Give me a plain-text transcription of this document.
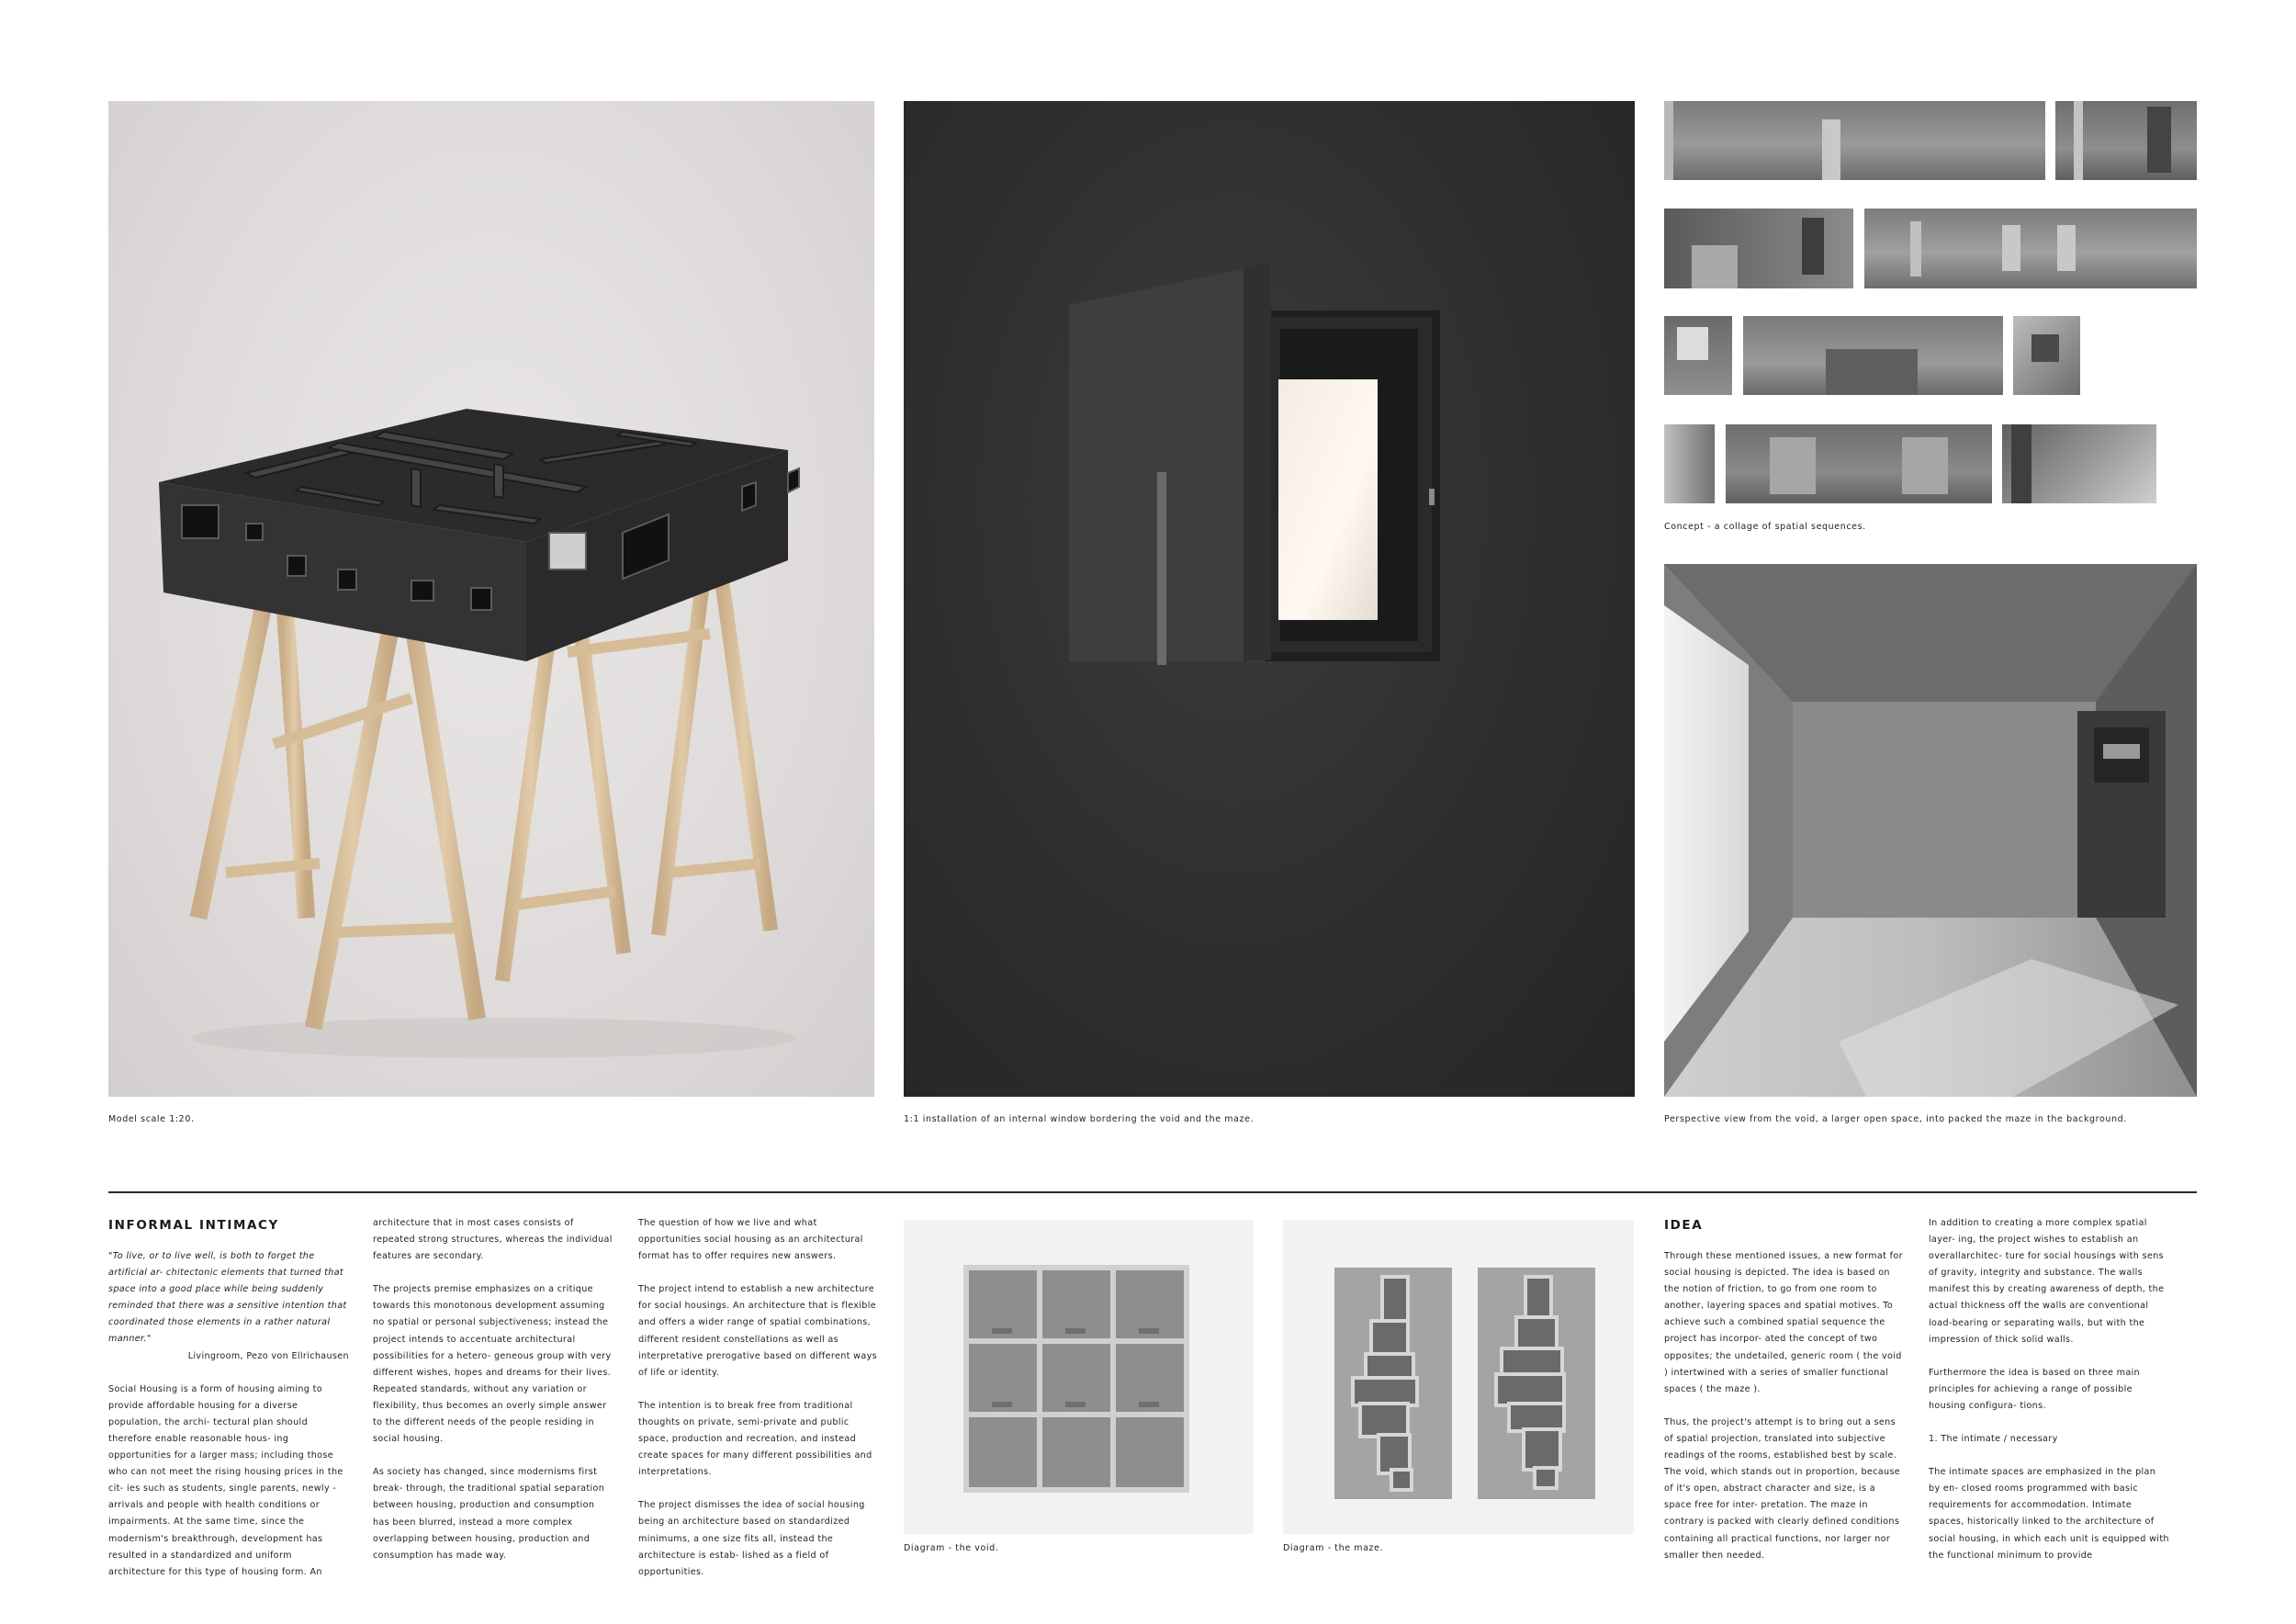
Model scale 1:20.	1:1 installation of an internal window bordering the void and the maze.
Concept - a collage of spatial sequences.
Perspective view from the void, a larger open space, into packed the maze in the background.
INFORMAL INTIMACY

"To live, or to live well, is both to forget the artificial ar- chitectonic elements that turned that space into a good place while being suddenly reminded that there was a sensitive intention that coordinated those elements in a rather natural manner."

Livingroom, Pezo von Ellrichausen

Social Housing is a form of housing aiming to provide affordable housing for a diverse population, the archi- tectural plan should therefore enable reasonable hous- ing opportunities for a larger mass; including those who can not meet the rising housing prices in the cit- ies such as students, single parents, newly - arrivals and people with health conditions or impairments. At the same time, since the modernism's breakthrough, development has resulted in a standardized and uniform architecture for this type of housing form. An

architecture that in most cases consists of repeated strong structures, whereas the individual features are secondary.

The projects premise emphasizes on a critique towards this monotonous development assuming no spatial or personal subjectiveness; instead the project intends to accentuate architectural possibilities for a hetero- geneous group with very different wishes, hopes and dreams for their lives. Repeated standards, without any variation or flexibility, thus becomes an overly simple answer to the different needs of the people residing in social housing.

As society has changed, since modernisms first break- through, the traditional spatial separation between housing, production and consumption has been blurred, instead a more complex overlapping between housing, production and consumption has made way.

The question of how we live and what opportunities social housing as an architectural format has to offer requires new answers.

The project intend to establish a new architecture for social housings. An architecture that is flexible and offers a wider range of spatial combinations, different resident constellations as well as interpretative prerogative based on different ways of life or identity.

The intention is to break free from traditional thoughts on private, semi-private and public space, production and recreation, and instead create spaces for many different possibilities and interpretations.

The project dismisses the idea of social housing being an architecture based on standardized minimums, a one size fits all, instead the architecture is estab- lished as a field of opportunities.

Diagram - the void.	Diagram - the maze.
IDEA

Through these mentioned issues, a new format for social housing is depicted. The idea is based on the notion of friction, to go from one room to another, layering spaces and spatial motives. To achieve such a combined spatial sequence the project has incorpor- ated the concept of two opposites; the undetailed, generic room ( the void ) intertwined with a series of smaller functional spaces ( the maze ).

Thus, the project's attempt is to bring out a sens of spatial projection, translated into subjective readings of the rooms, established best by scale. The void, which stands out in proportion, because of it's open, abstract character and size, is a space free for inter- pretation. The maze in contrary is packed with clearly defined conditions containing all practical functions, nor larger nor smaller then needed.

In addition to creating a more complex spatial layer- ing, the project wishes to establish an overallarchitec- ture for social housings with sens of gravity, integrity and substance. The walls manifest this by creating awareness of depth, the actual thickness off the walls are conventional load-bearing or separating walls, but with the impression of thick solid walls.

Furthermore the idea is based on three main principles for achieving a range of possible housing configura- tions.

1. The intimate / necessary

The intimate spaces are emphasized in the plan by en- closed rooms programmed with basic requirements for accommodation. Intimate spaces, historically linked to the architecture of social housing, in which each unit is equipped with the functional minimum to provide
